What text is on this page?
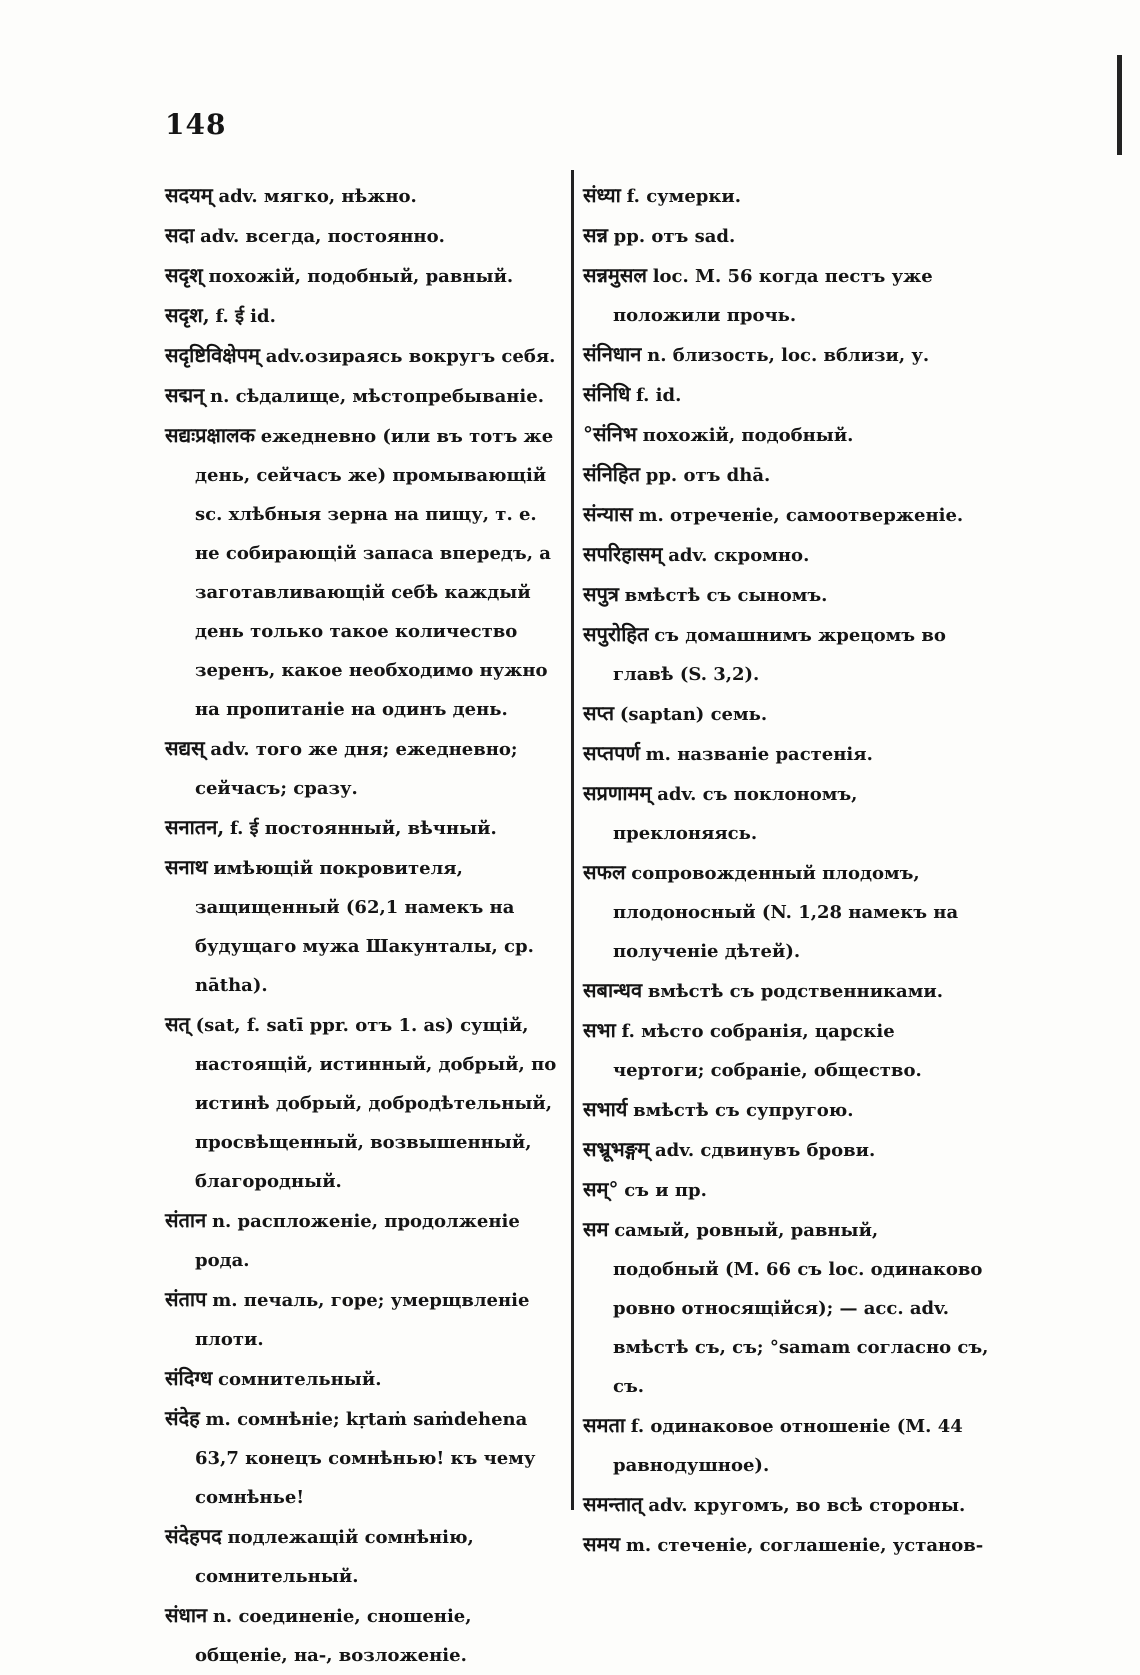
148

सदयम् adv. мягко, нѣжно.

सदा adv. всегда, постоянно.

सदृश् похожій, подобный, равный.

सदृश, f. ई id.

सदृष्टिविक्षेपम् adv.озираясь вокругъ себя.

सद्मन् n. сѣдалище, мѣстопребываніе.

सद्यःप्रक्षालक ежедневно (или въ тотъ же день, сейчасъ же) промывающій sc. хлѣбныя зерна на пищу, т. е. не собирающій запаса впередъ, а заготавливающій себѣ каждый день только такое количество зеренъ, какое необходимо нужно на пропитаніе на одинъ день.

सद्यस् adv. того же дня; ежедневно; сейчасъ; сразу.

सनातन, f. ई постоянный, вѣчный.

सनाथ имѣющій покровителя, защищенный (62,1 намекъ на будущаго мужа Шакунталы, ср. nātha).

सत् (sat, f. satī ppr. отъ 1. as) сущій, настоящій, истинный, добрый, по истинѣ добрый, добродѣтельный, просвѣщенный, возвышенный, благородный.

संतान n. распложеніе, продолженіе рода.

संताप m. печаль, горе; умерщвленіе плоти.

संदिग्ध сомнительный.

संदेह m. сомнѣніе; kṛtaṁ saṁdehena 63,7 конецъ сомнѣнью! къ чему сомнѣнье!

संदेहपद подлежащій сомнѣнію, сомнительный.

संधान n. соединеніе, сношеніе, общеніе, на-, возложеніе.

संध्या f. сумерки.

सन्न pp. отъ sad.

सन्नमुसल loc. M. 56 когда пестъ уже положили прочь.

संनिधान n. близость, loc. вблизи, у.

संनिधि f. id.

°संनिभ похожій, подобный.

संनिहित pp. отъ dhā.

संन्यास m. отреченіе, самоотверженіе.

सपरिहासम् adv. скромно.

सपुत्र вмѣстѣ съ сыномъ.

सपुरोहित съ домашнимъ жрецомъ во главѣ (S. 3,2).

सप्त (saptan) семь.

सप्तपर्ण m. названіе растенія.

सप्रणामम् adv. съ поклономъ, преклоняясь.

सफल сопровожденный плодомъ, плодоносный (N. 1,28 намекъ на полученіе дѣтей).

सबान्धव вмѣстѣ съ родственниками.

सभा f. мѣсто собранія, царскіе чертоги; собраніе, общество.

सभार्य вмѣстѣ съ супругою.

सभ्रूभङ्गम् adv. сдвинувъ брови.

सम्° съ и пр.

सम самый, ровный, равный, подобный (M. 66 съ loc. одинаково ровно относящійся); — acc. adv. вмѣстѣ съ, съ; °samam согласно съ, съ.

समता f. одинаковое отношеніе (M. 44 равнодушное).

समन्तात् adv. кругомъ, во всѣ стороны.

समय m. стеченіе, соглашеніе, установ-
